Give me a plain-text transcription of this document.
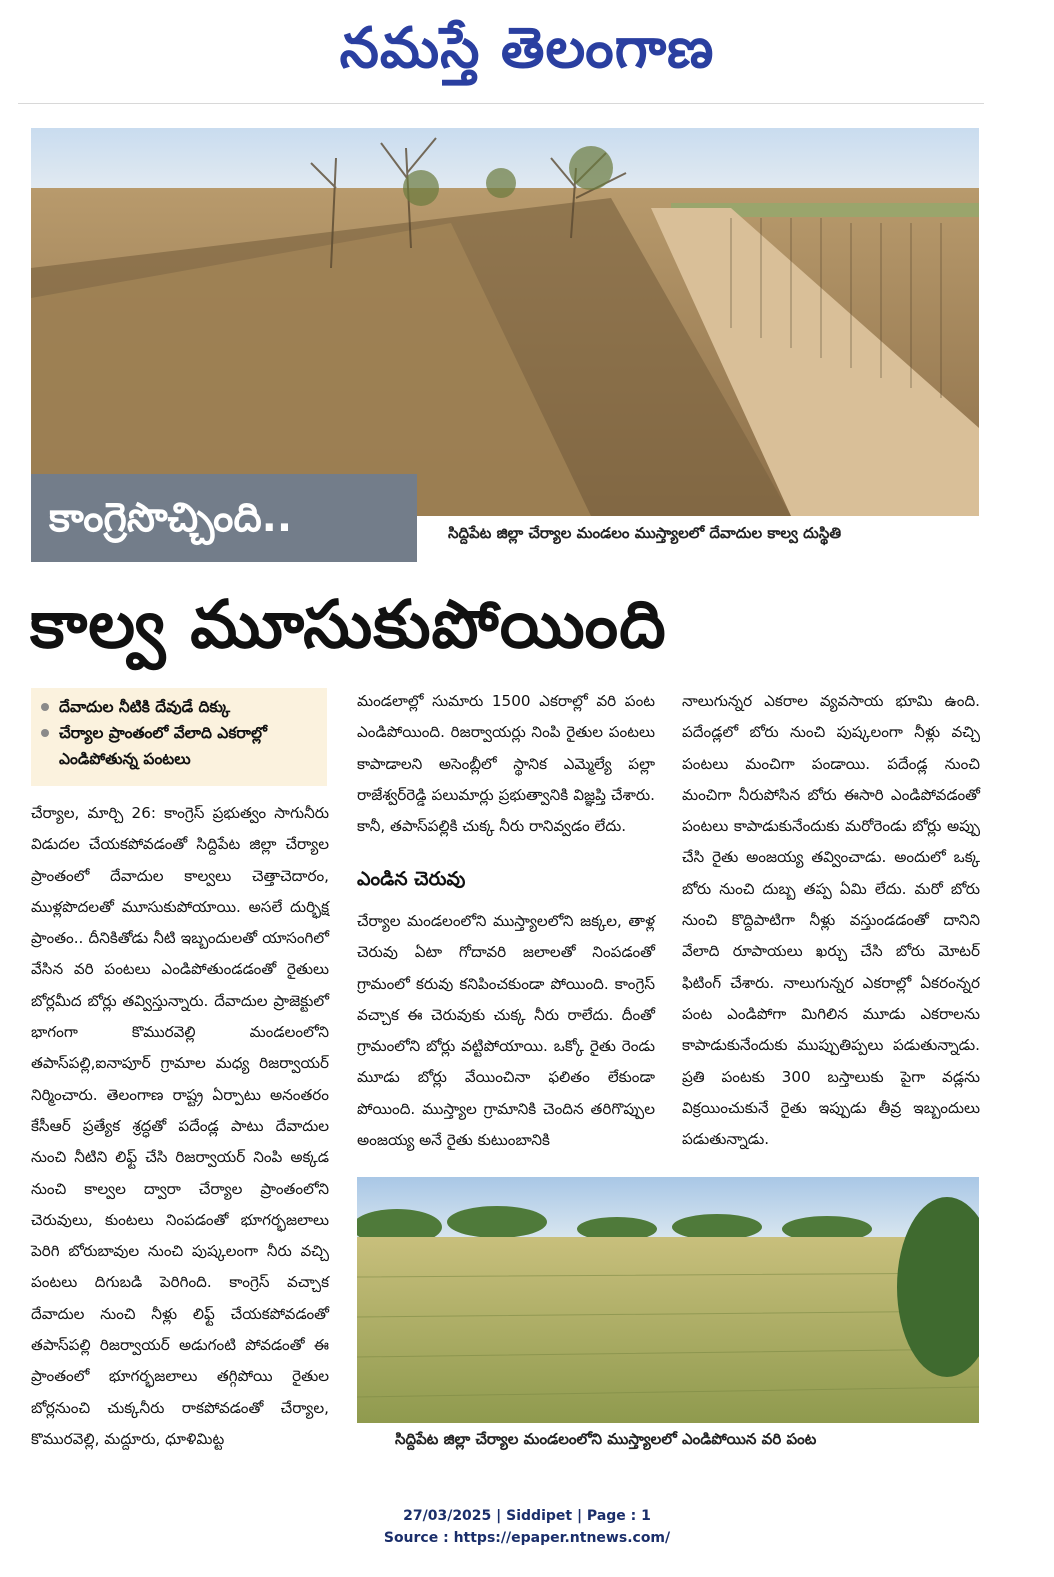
నమస్తే తెలంగాణ
కాంగ్రెసొచ్చింది..	సిద్దిపేట జిల్లా చేర్యాల మండలం ముస్త్యాలలో దేవాదుల కాల్వ దుస్థితి
కాల్వ మూసుకుపోయింది
దేవాదుల నీటికి దేవుడే దిక్కు
చేర్యాల ప్రాంతంలో వేలాది ఎకరాల్లో ఎండిపోతున్న పంటలు
చేర్యాల, మార్చి 26: కాంగ్రెస్ ప్రభుత్వం సాగునీరు విడుదల చేయకపోవడంతో సిద్దిపేట జిల్లా చేర్యాల ప్రాంతంలో దేవాదుల కాల్వలు చెత్తాచెదారం, ముళ్లపొదలతో మూసుకుపోయాయి. అసలే దుర్భిక్ష ప్రాంతం.. దీనికితోడు నీటి ఇబ్బందులతో యాసంగిలో వేసిన వరి పంటలు ఎండిపోతుండడంతో రైతులు బోర్లమీద బోర్లు తవ్విస్తున్నారు. దేవాదుల ప్రాజెక్టులో భాగంగా కొమురవెల్లి మండలంలోని తపాస్‌పల్లి,ఐనాపూర్ గ్రామాల మధ్య రిజర్వాయర్ నిర్మించారు. తెలంగాణ రాష్ట్ర ఏర్పాటు అనంతరం కేసీఆర్ ప్రత్యేక శ్రద్ధతో పదేండ్ల పాటు దేవాదుల నుంచి నీటిని లిఫ్ట్ చేసి రిజర్వాయర్ నింపి అక్కడ నుంచి కాల్వల ద్వారా చేర్యాల ప్రాంతంలోని చెరువులు, కుంటలు నింపడంతో భూగర్భజలాలు పెరిగి బోరుబావుల నుంచి పుష్కలంగా నీరు వచ్చి పంటలు దిగుబడి పెరిగింది. కాంగ్రెస్ వచ్చాక దేవాదుల నుంచి నీళ్లు లిఫ్ట్ చేయకపోవడంతో తపాస్‌పల్లి రిజర్వాయర్ అడుగంటి పోవడంతో ఈ ప్రాంతంలో భూగర్భజలాలు తగ్గిపోయి రైతుల బోర్లనుంచి చుక్కనీరు రాకపోవడంతో చేర్యాల, కొమురవెల్లి, మద్దూరు, ధూళిమిట్ట
మండలాల్లో సుమారు 1500 ఎకరాల్లో వరి పంట ఎండిపోయింది. రిజర్వాయర్లు నింపి రైతుల పంటలు కాపాడాలని అసెంబ్లీలో స్థానిక ఎమ్మెల్యే పల్లా రాజేశ్వర్‌రెడ్డి పలుమార్లు ప్రభుత్వానికి విజ్ఞప్తి చేశారు. కానీ, తపాస్‌పల్లికి చుక్క నీరు రానివ్వడం లేదు.
ఎండిన చెరువు
చేర్యాల మండలంలోని ముస్త్యాలలోని జక్కల, తాళ్ల చెరువు ఏటా గోదావరి జలాలతో నింపడంతో గ్రామంలో కరువు కనిపించకుండా పోయింది. కాంగ్రెస్ వచ్చాక ఈ చెరువుకు చుక్క నీరు రాలేదు. దీంతో గ్రామంలోని బోర్లు వట్టిపోయాయి. ఒక్కో రైతు రెండు మూడు బోర్లు వేయించినా ఫలితం లేకుండా పోయింది. ముస్త్యాల గ్రామానికి చెందిన తరిగొప్పుల అంజయ్య అనే రైతు కుటుంబానికి
నాలుగున్నర ఎకరాల వ్యవసాయ భూమి ఉంది. పదేండ్లలో బోరు నుంచి పుష్కలంగా నీళ్లు వచ్చి పంటలు మంచిగా పండాయి. పదేండ్ల నుంచి మంచిగా నీరుపోసిన బోరు ఈసారి ఎండిపోవడంతో పంటలు కాపాడుకునేందుకు మరోరెండు బోర్లు అప్పు చేసి రైతు అంజయ్య తవ్వించాడు. అందులో ఒక్క బోరు నుంచి దుబ్బ తప్ప ఏమి లేదు. మరో బోరు నుంచి కొద్దిపాటిగా నీళ్లు వస్తుండడంతో దానిని వేలాది రూపాయలు ఖర్చు చేసి బోరు మోటర్ ఫిటింగ్ చేశారు. నాలుగున్నర ఎకరాల్లో ఏకరంన్నర పంట ఎండిపోగా మిగిలిన మూడు ఎకరాలను కాపాడుకునేందుకు ముప్పుతిప్పలు పడుతున్నాడు. ప్రతి పంటకు 300 బస్తాలుకు పైగా వడ్లను విక్రయించుకునే రైతు ఇప్పుడు తీవ్ర ఇబ్బందులు పడుతున్నాడు.
సిద్దిపేట జిల్లా చేర్యాల మండలంలోని ముస్త్యాలలో ఎండిపోయిన వరి పంట
27/03/2025 | Siddipet | Page : 1
Source : https://epaper.ntnews.com/
